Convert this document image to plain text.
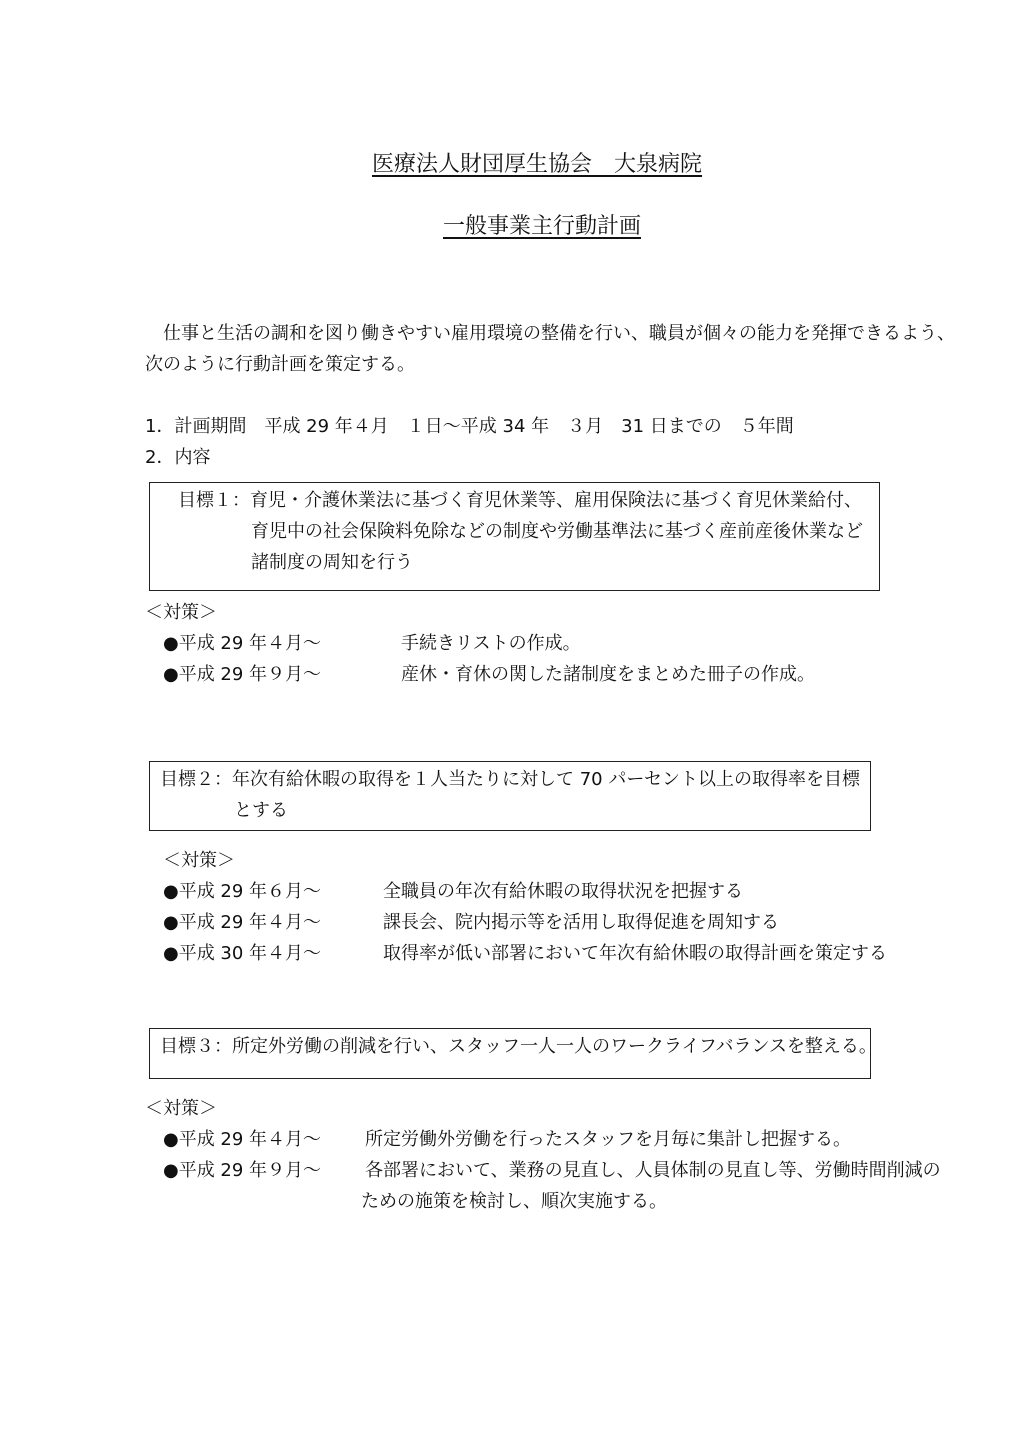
医療法人財団厚生協会　大泉病院
一般事業主行動計画
仕事と生活の調和を図り働きやすい雇用環境の整備を行い、職員が個々の能力を発揮できるよう、
次のように行動計画を策定する。
1．計画期間　平成 29 年４月　１日～平成 34 年　３月　31 日までの　５年間
2．内容
目標１：育児・介護休業法に基づく育児休業等、雇用保険法に基づく育児休業給付、
育児中の社会保険料免除などの制度や労働基準法に基づく産前産後休業など
諸制度の周知を行う
＜対策＞
●平成 29 年４月～	手続きリストの作成。
●平成 29 年９月～	産休・育休の関した諸制度をまとめた冊子の作成。
目標２：年次有給休暇の取得を１人当たりに対して 70 パーセント以上の取得率を目標
とする
＜対策＞
●平成 29 年６月～	全職員の年次有給休暇の取得状況を把握する
●平成 29 年４月～	課長会、院内掲示等を活用し取得促進を周知する
●平成 30 年４月～	取得率が低い部署において年次有給休暇の取得計画を策定する
目標３：所定外労働の削減を行い、スタッフ一人一人のワークライフバランスを整える。
＜対策＞
●平成 29 年４月～ 所定労働外労働を行ったスタッフを月毎に集計し把握する。
●平成 29 年９月～ 各部署において、業務の見直し、人員体制の見直し等、労働時間削減の
ための施策を検討し、順次実施する。
